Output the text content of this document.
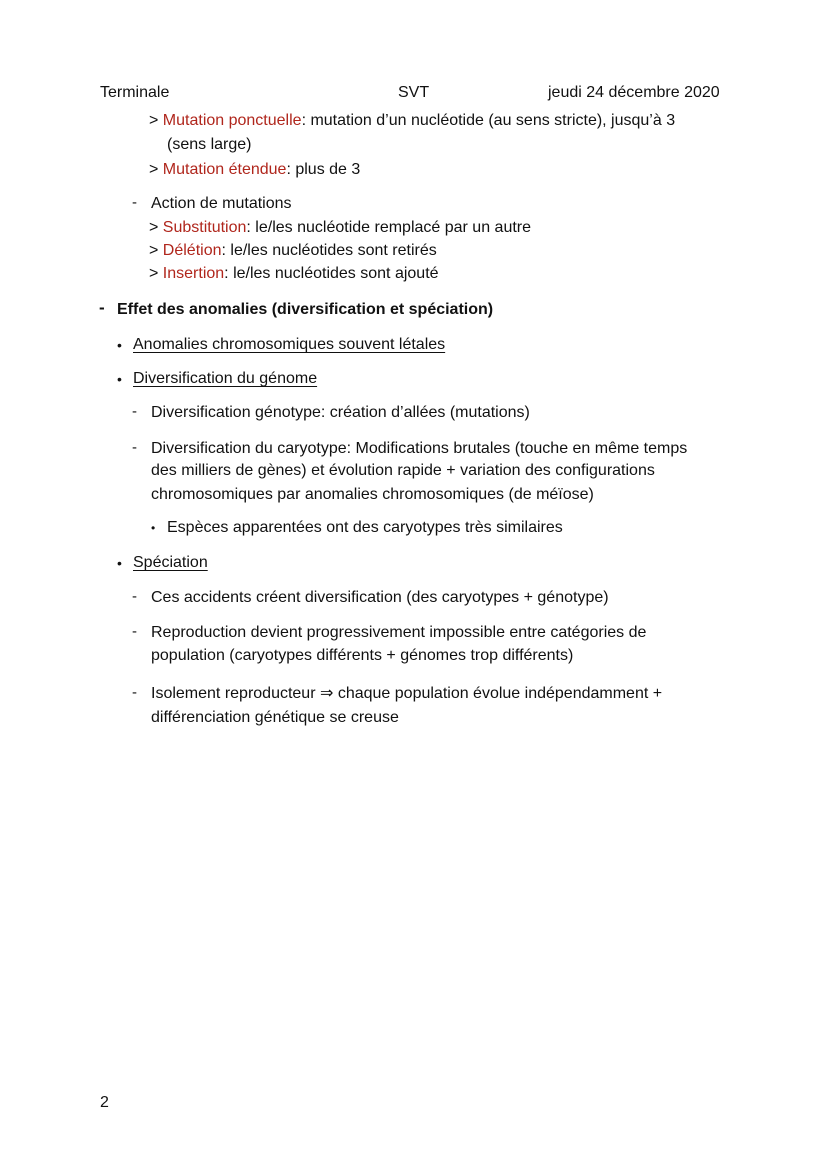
Terminale	SVT	jeudi 24 décembre 2020
> Mutation ponctuelle: mutation d’un nucléotide (au sens stricte), jusqu’à 3
(sens large)
> Mutation étendue: plus de 3
- Action de mutations
> Substitution: le/les nucléotide remplacé par un autre
> Délétion: le/les nucléotides sont retirés
> Insertion: le/les nucléotides sont ajouté
- Effet des anomalies (diversification et spéciation)
• Anomalies chromosomiques souvent létales
• Diversification du génome
- Diversification génotype: création d’allées (mutations)
- Diversification du caryotype: Modifications brutales (touche en même temps
des milliers de gènes) et évolution rapide + variation des configurations
chromosomiques par anomalies chromosomiques (de méïose)
• Espèces apparentées ont des caryotypes très similaires
• Spéciation
- Ces accidents créent diversification (des caryotypes + génotype)
- Reproduction devient progressivement impossible entre catégories de
population (caryotypes différents + génomes trop différents)
- Isolement reproducteur ⇒ chaque population évolue indépendamment +
différenciation génétique se creuse
2
